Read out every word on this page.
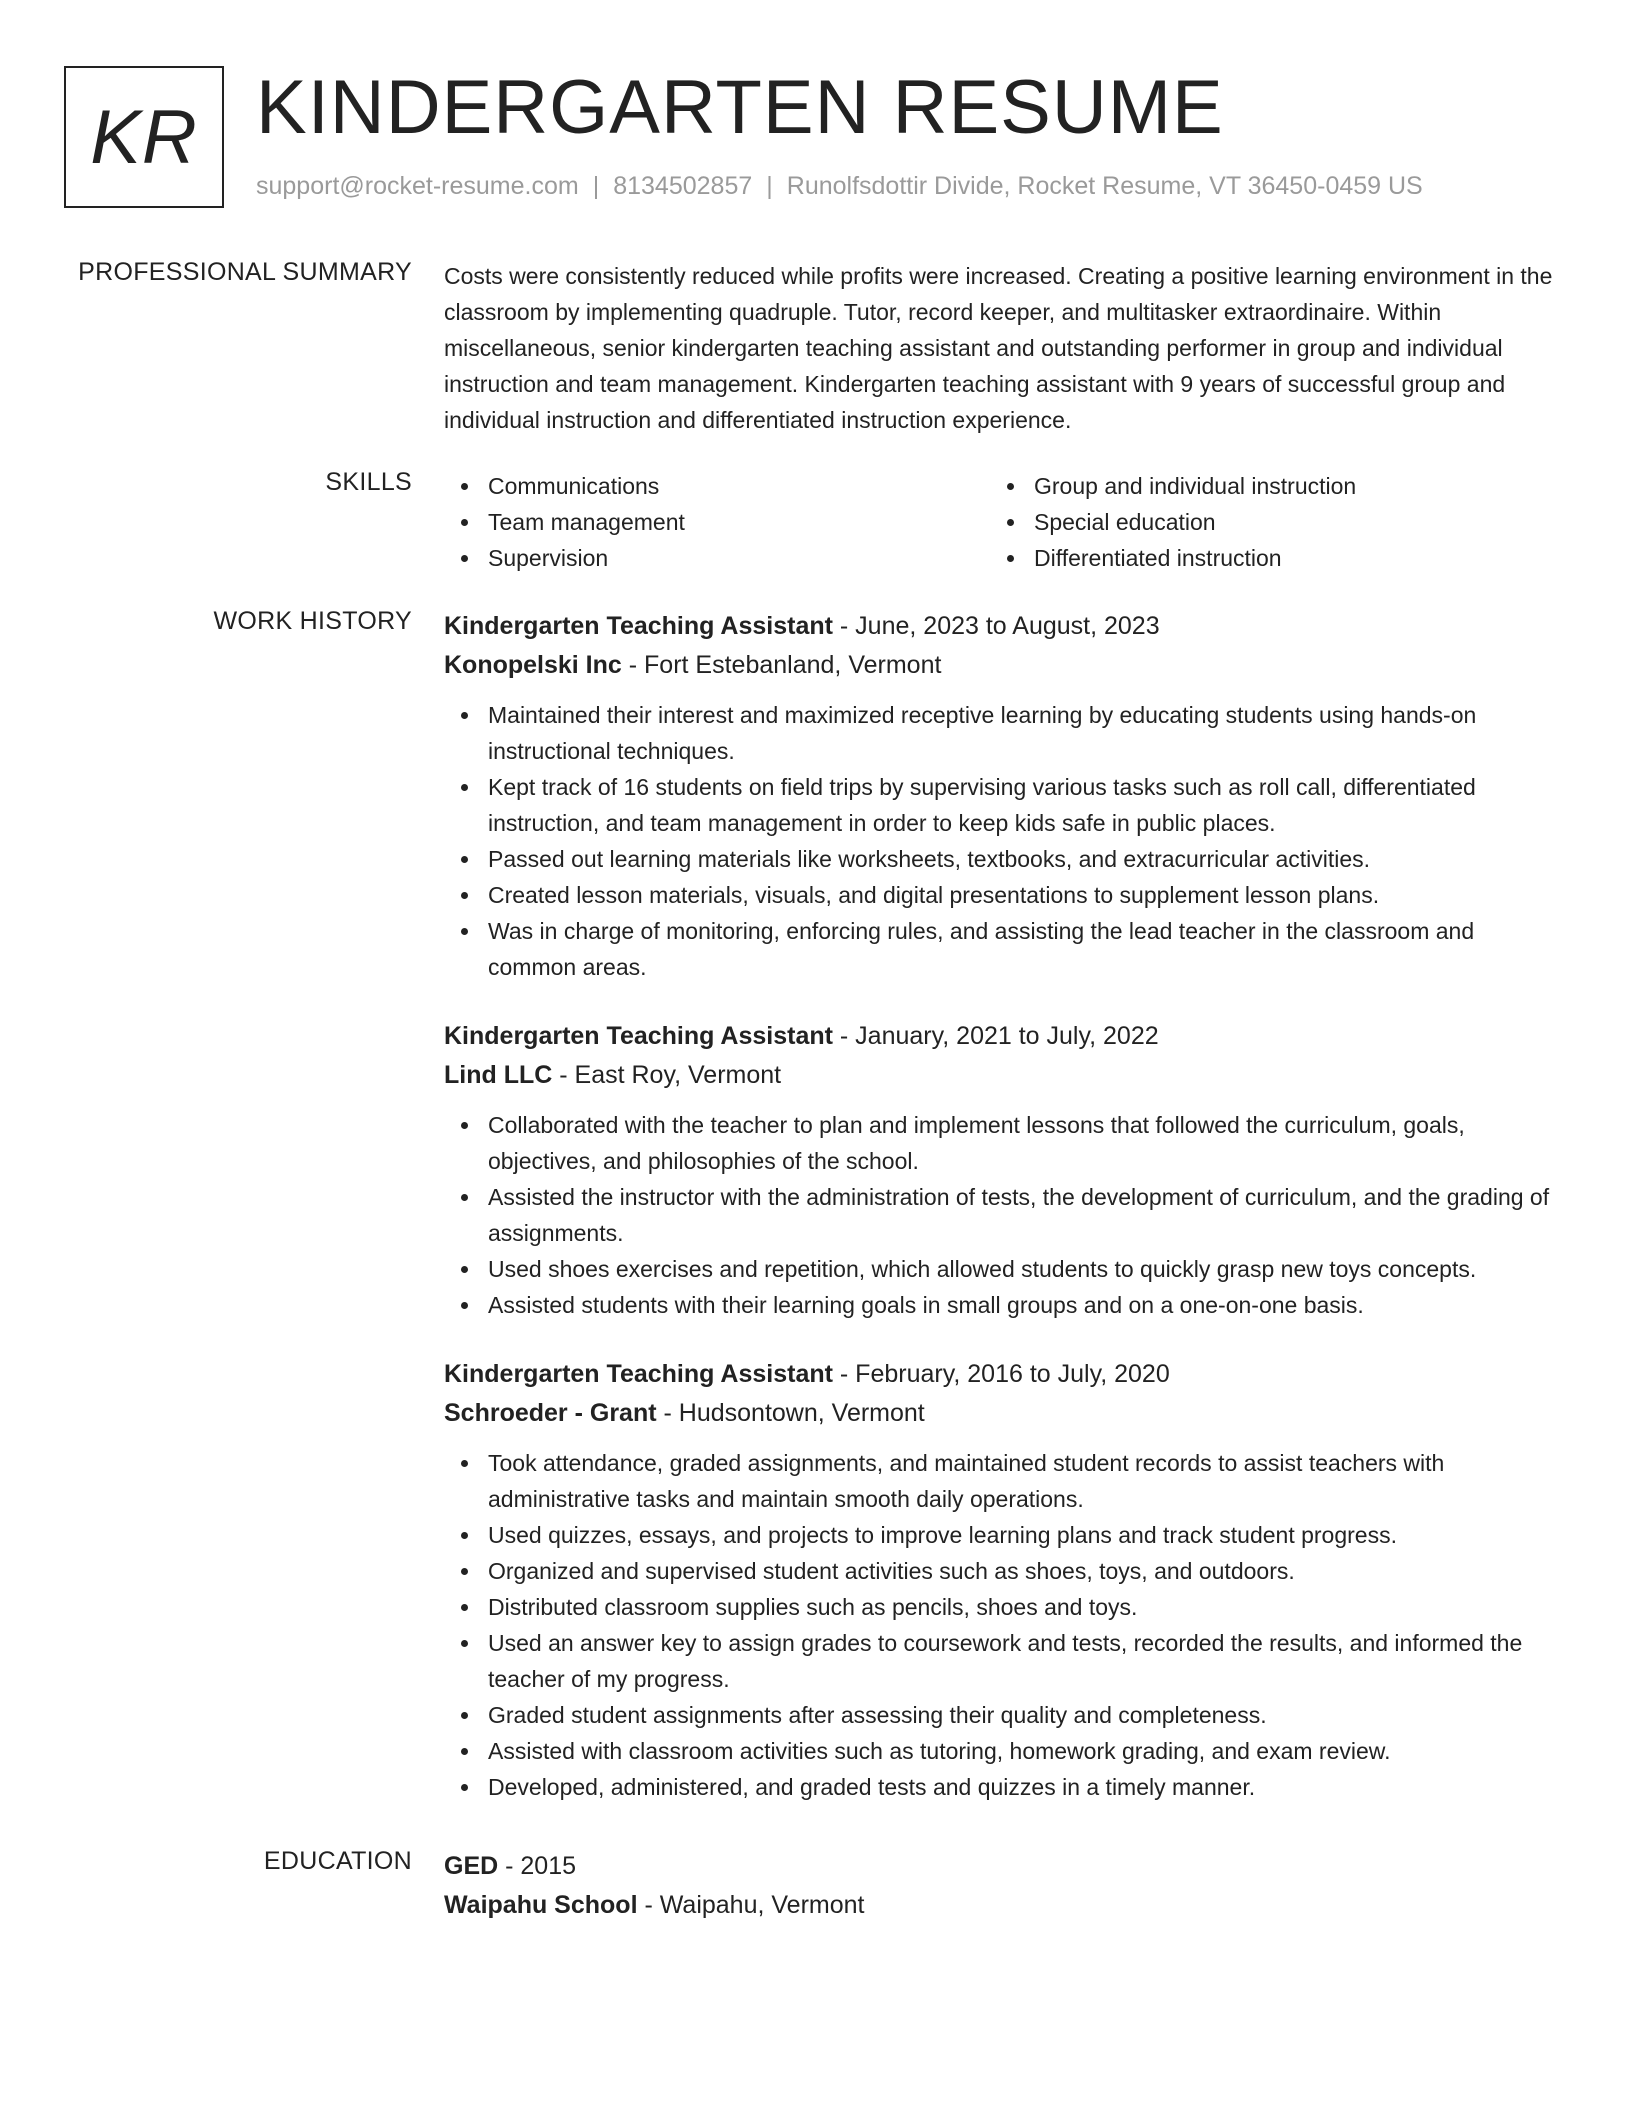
KR KINDERGARTEN RESUME
support@rocket-resume.com | 8134502857 | Runolfsdottir Divide, Rocket Resume, VT 36450-0459 US
PROFESSIONAL SUMMARY Costs were consistently reduced while profits were increased. Creating a positive learning environment in the classroom by implementing quadruple. Tutor, record keeper, and multitasker extraordinaire. Within miscellaneous, senior kindergarten teaching assistant and outstanding performer in group and individual instruction and team management. Kindergarten teaching assistant with 9 years of successful group and individual instruction and differentiated instruction experience.
SKILLS	Communications
Team management
Supervision
Group and individual instruction
Special education
Differentiated instruction
WORK HISTORY Kindergarten Teaching Assistant - June, 2023 to August, 2023
Konopelski Inc - Fort Estebanland, Vermont
Maintained their interest and maximized receptive learning by educating students using hands-on instructional techniques.
Kept track of 16 students on field trips by supervising various tasks such as roll call, differentiated instruction, and team management in order to keep kids safe in public places.
Passed out learning materials like worksheets, textbooks, and extracurricular activities.
Created lesson materials, visuals, and digital presentations to supplement lesson plans.
Was in charge of monitoring, enforcing rules, and assisting the lead teacher in the classroom and common areas.
Kindergarten Teaching Assistant - January, 2021 to July, 2022
Lind LLC - East Roy, Vermont
Collaborated with the teacher to plan and implement lessons that followed the curriculum, goals, objectives, and philosophies of the school.
Assisted the instructor with the administration of tests, the development of curriculum, and the grading of assignments.
Used shoes exercises and repetition, which allowed students to quickly grasp new toys concepts.
Assisted students with their learning goals in small groups and on a one-on-one basis.
Kindergarten Teaching Assistant - February, 2016 to July, 2020
Schroeder - Grant - Hudsontown, Vermont
Took attendance, graded assignments, and maintained student records to assist teachers with administrative tasks and maintain smooth daily operations.
Used quizzes, essays, and projects to improve learning plans and track student progress.
Organized and supervised student activities such as shoes, toys, and outdoors.
Distributed classroom supplies such as pencils, shoes and toys.
Used an answer key to assign grades to coursework and tests, recorded the results, and informed the teacher of my progress.
Graded student assignments after assessing their quality and completeness.
Assisted with classroom activities such as tutoring, homework grading, and exam review.
Developed, administered, and graded tests and quizzes in a timely manner.
EDUCATION GED - 2015
Waipahu School - Waipahu, Vermont
